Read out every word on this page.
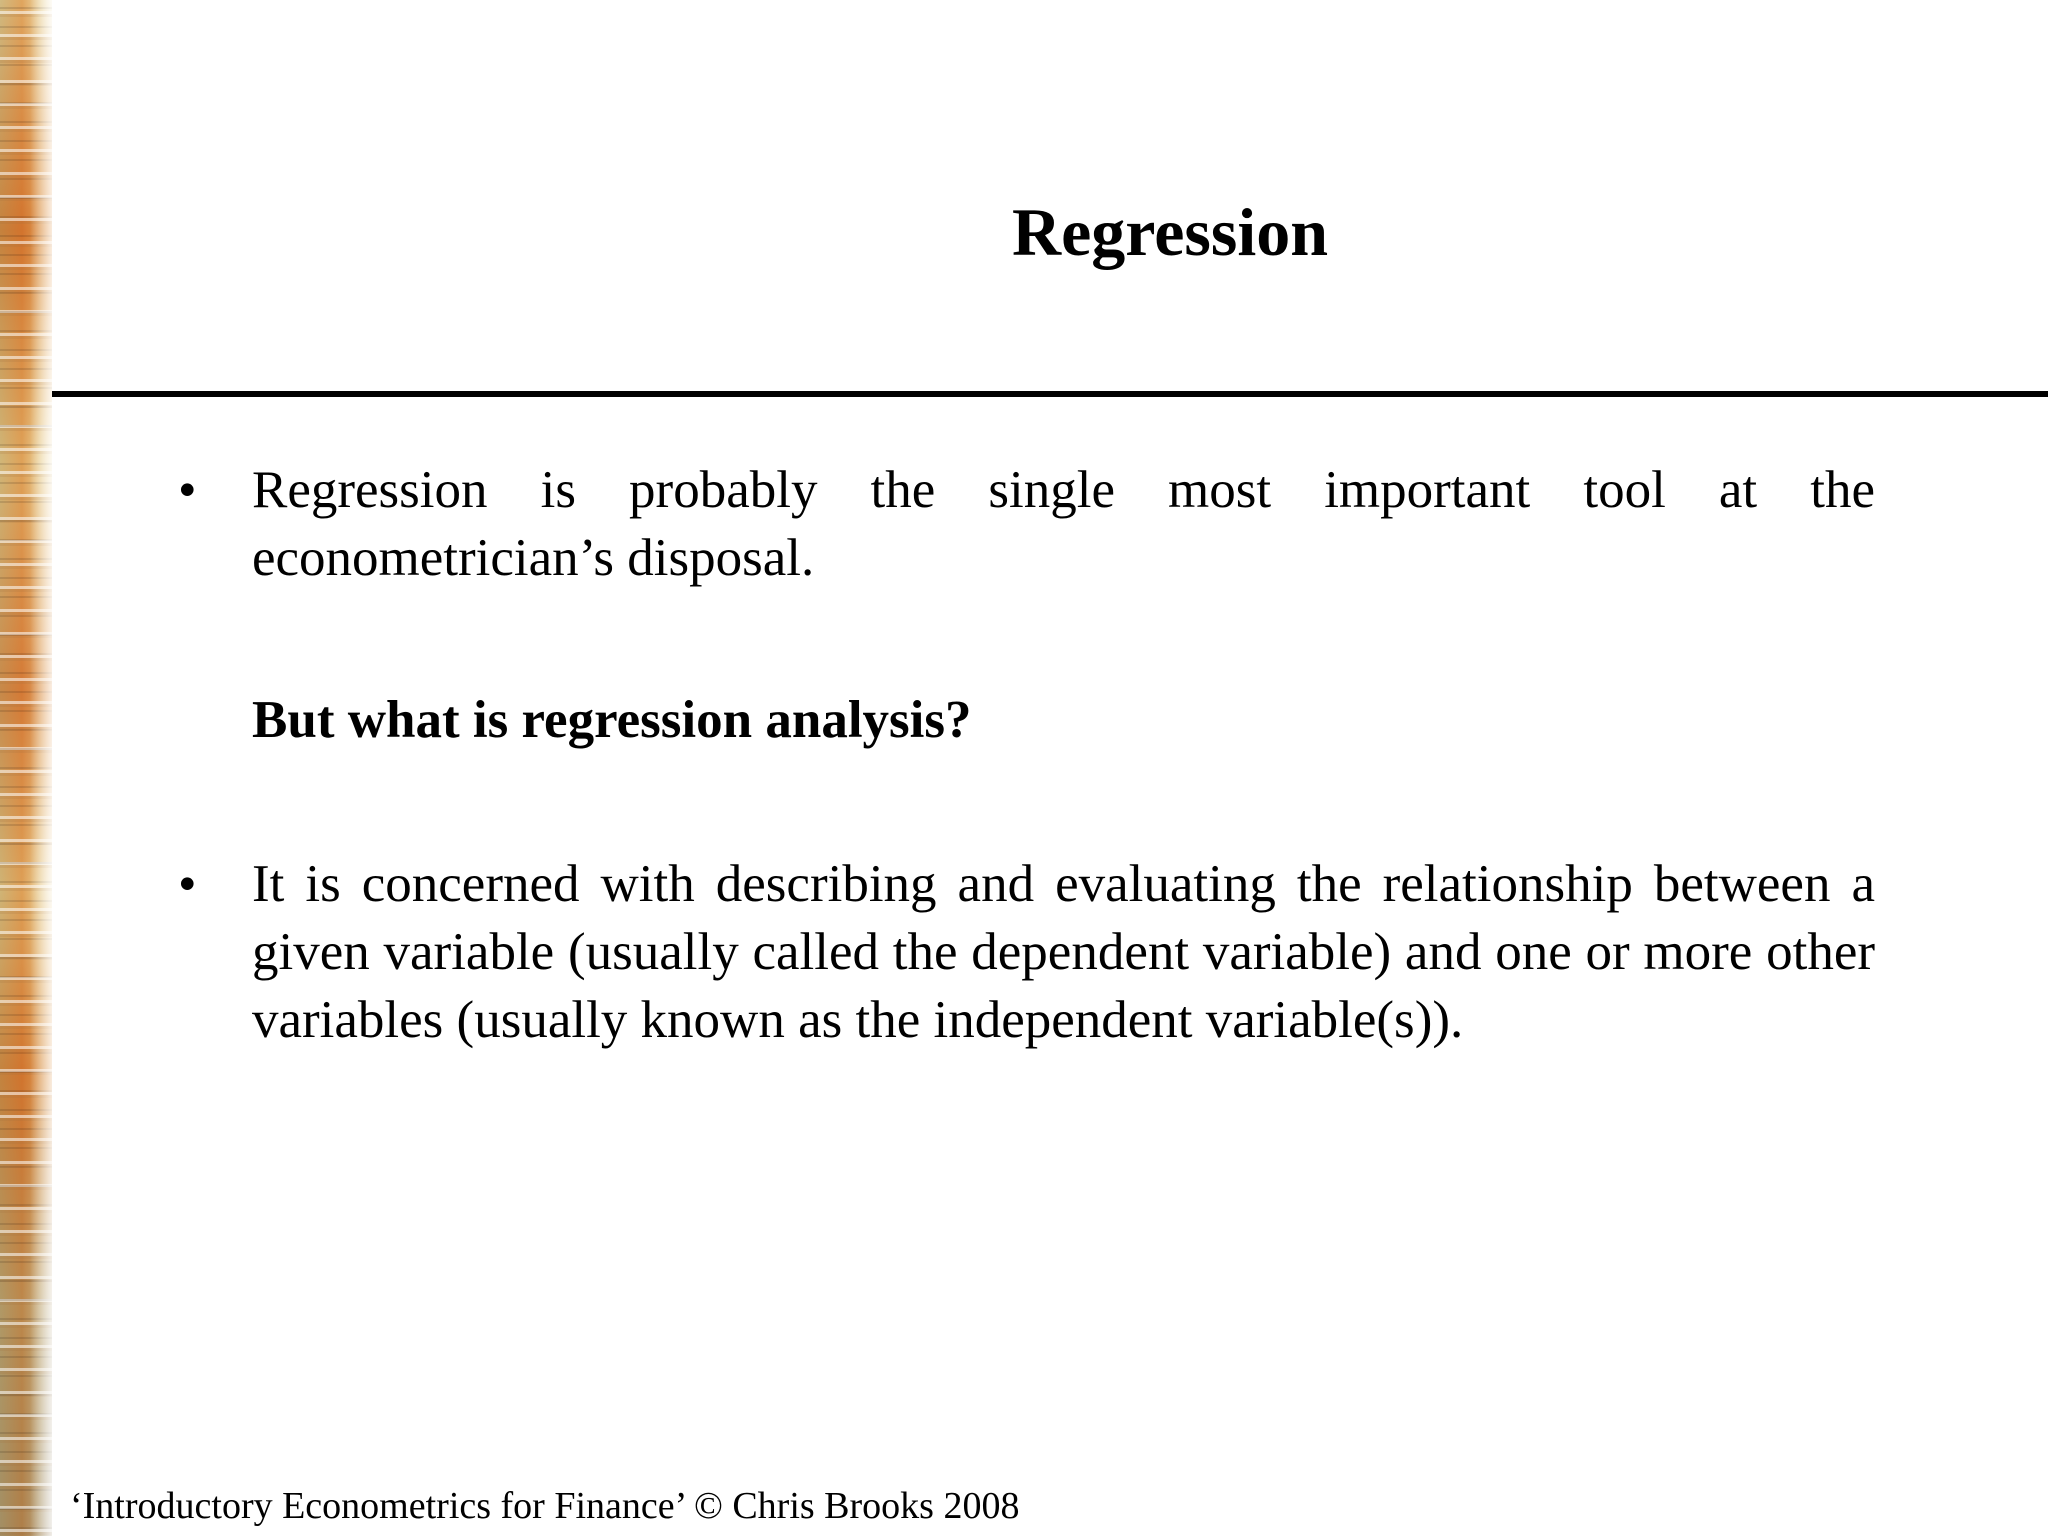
Regression
•	Regression is probably the single most important tool at the econometrician’s disposal.
But what is regression analysis?
•	It is concerned with describing and evaluating the relationship between a given variable (usually called the dependent variable) and one or more other variables (usually known as the independent variable(s)).
‘Introductory Econometrics for Finance’ © Chris Brooks 2008
